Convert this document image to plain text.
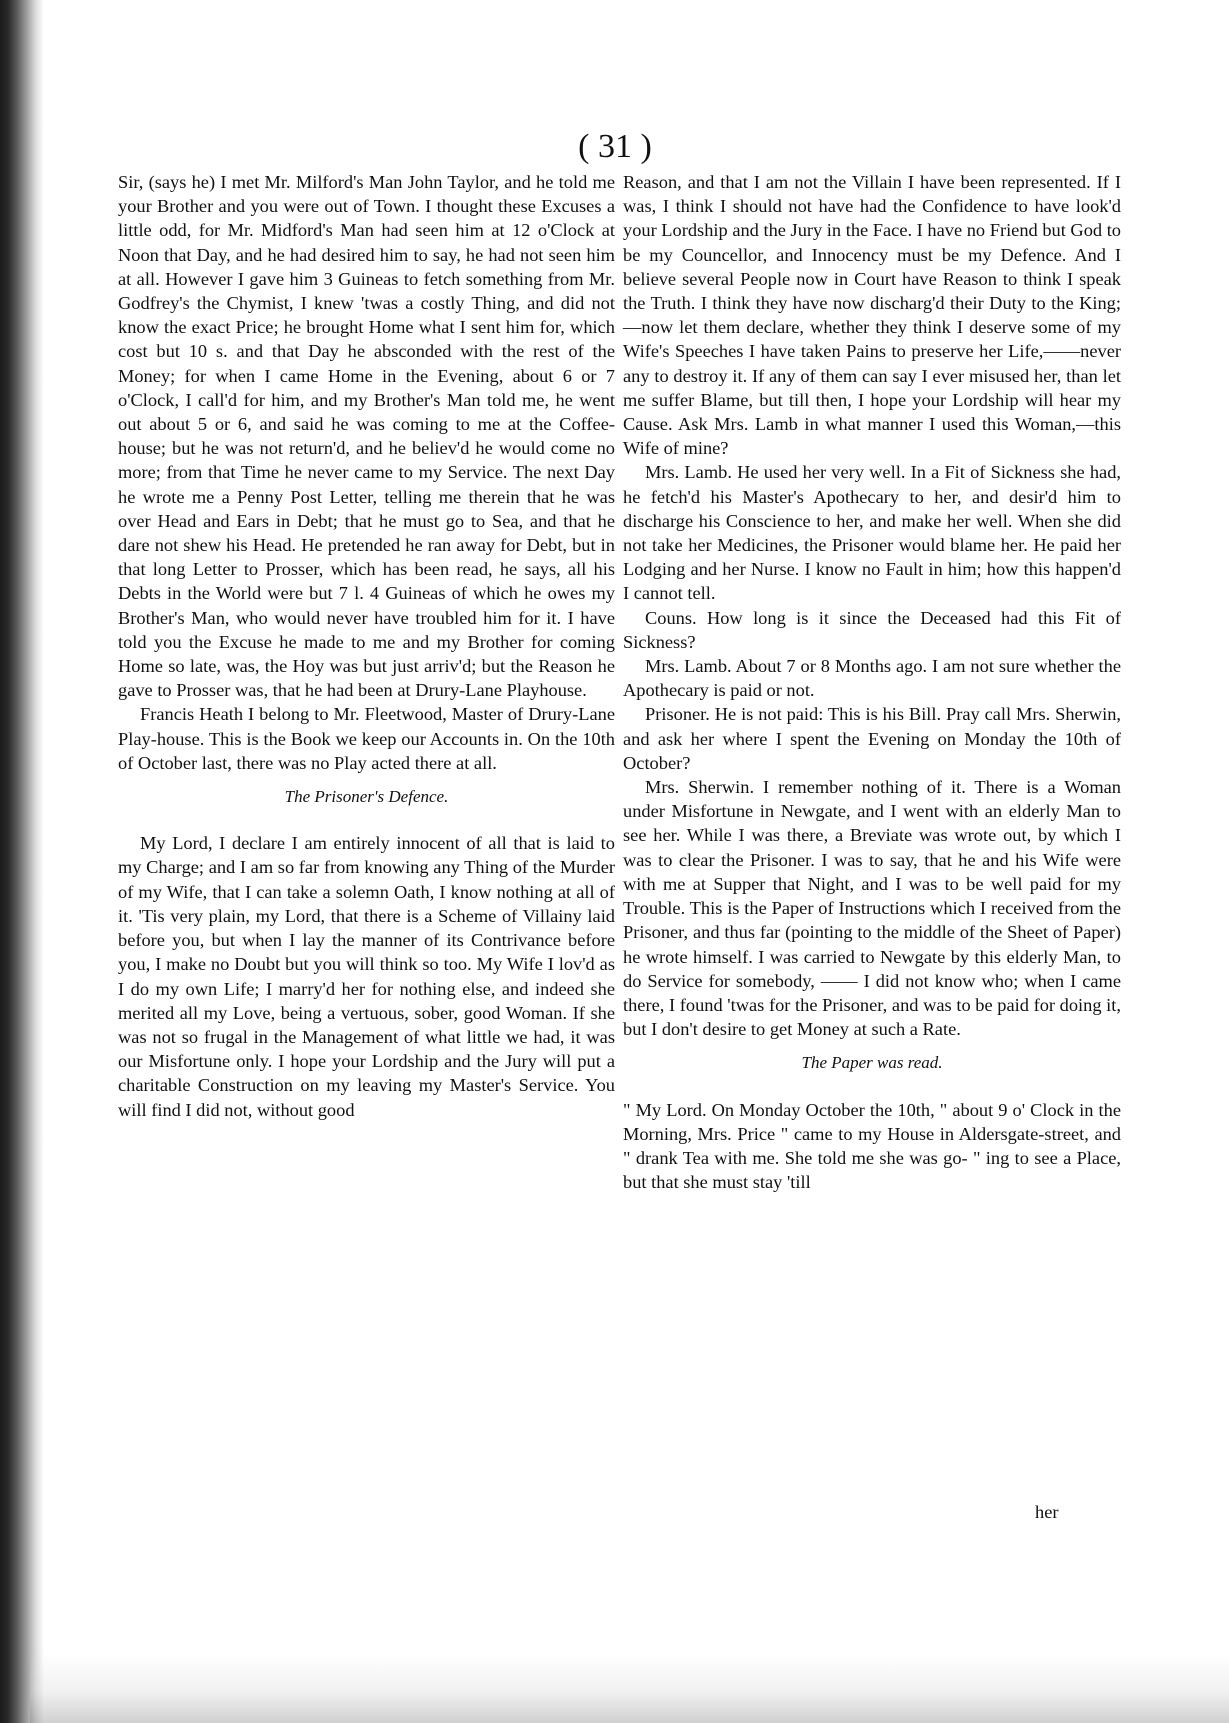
( 31 )

Sir, (says he) I met Mr. Milford's Man John Taylor, and he told me your Brother and you were out of Town. I thought these Excuses a little odd, for Mr. Midford's Man had seen him at 12 o'Clock at Noon that Day, and he had desired him to say, he had not seen him at all. However I gave him 3 Guineas to fetch something from Mr. Godfrey's the Chymist, I knew 'twas a costly Thing, and did not know the exact Price; he brought Home what I sent him for, which cost but 10 s. and that Day he absconded with the rest of the Money; for when I came Home in the Evening, about 6 or 7 o'Clock, I call'd for him, and my Brother's Man told me, he went out about 5 or 6, and said he was coming to me at the Coffee-house; but he was not return'd, and he believ'd he would come no more; from that Time he never came to my Service. The next Day he wrote me a Penny Post Letter, telling me therein that he was over Head and Ears in Debt; that he must go to Sea, and that he dare not shew his Head. He pretended he ran away for Debt, but in that long Letter to Prosser, which has been read, he says, all his Debts in the World were but 7 l. 4 Guineas of which he owes my Brother's Man, who would never have troubled him for it. I have told you the Excuse he made to me and my Brother for coming Home so late, was, the Hoy was but just arriv'd; but the Reason he gave to Prosser was, that he had been at Drury-Lane Playhouse.

Francis Heath I belong to Mr. Fleetwood, Master of Drury-Lane Play-house. This is the Book we keep our Accounts in. On the 10th of October last, there was no Play acted there at all.

The Prisoner's Defence.

My Lord, I declare I am entirely innocent of all that is laid to my Charge; and I am so far from knowing any Thing of the Murder of my Wife, that I can take a solemn Oath, I know nothing at all of it. 'Tis very plain, my Lord, that there is a Scheme of Villainy laid before you, but when I lay the manner of its Contrivance before you, I make no Doubt but you will think so too. My Wife I lov'd as I do my own Life; I marry'd her for nothing else, and indeed she merited all my Love, being a vertuous, sober, good Woman. If she was not so frugal in the Management of what little we had, it was our Misfortune only. I hope your Lordship and the Jury will put a charitable Construction on my leaving my Master's Service. You will find I did not, without good

Reason, and that I am not the Villain I have been represented. If I was, I think I should not have had the Confidence to have look'd your Lordship and the Jury in the Face. I have no Friend but God to be my Councellor, and Innocency must be my Defence. And I believe several People now in Court have Reason to think I speak the Truth. I think they have now discharg'd their Duty to the King;—now let them declare, whether they think I deserve some of my Wife's Speeches I have taken Pains to preserve her Life,——never any to destroy it. If any of them can say I ever misused her, than let me suffer Blame, but till then, I hope your Lordship will hear my Cause. Ask Mrs. Lamb in what manner I used this Woman,—this Wife of mine?

Mrs. Lamb. He used her very well. In a Fit of Sickness she had, he fetch'd his Master's Apothecary to her, and desir'd him to discharge his Conscience to her, and make her well. When she did not take her Medicines, the Prisoner would blame her. He paid her Lodging and her Nurse. I know no Fault in him; how this happen'd I cannot tell.

Couns. How long is it since the Deceased had this Fit of Sickness?

Mrs. Lamb. About 7 or 8 Months ago. I am not sure whether the Apothecary is paid or not.

Prisoner. He is not paid: This is his Bill. Pray call Mrs. Sherwin, and ask her where I spent the Evening on Monday the 10th of October?

Mrs. Sherwin. I remember nothing of it. There is a Woman under Misfortune in Newgate, and I went with an elderly Man to see her. While I was there, a Breviate was wrote out, by which I was to clear the Prisoner. I was to say, that he and his Wife were with me at Supper that Night, and I was to be well paid for my Trouble. This is the Paper of Instructions which I received from the Prisoner, and thus far (pointing to the middle of the Sheet of Paper) he wrote himself. I was carried to Newgate by this elderly Man, to do Service for somebody, —— I did not know who; when I came there, I found 'twas for the Prisoner, and was to be paid for doing it, but I don't desire to get Money at such a Rate.

The Paper was read.

" My Lord. On Monday October the 10th, " about 9 o' Clock in the Morning, Mrs. Price " came to my House in Aldersgate-street, and " drank Tea with me. She told me she was go- " ing to see a Place, but that she must stay 'till

her
